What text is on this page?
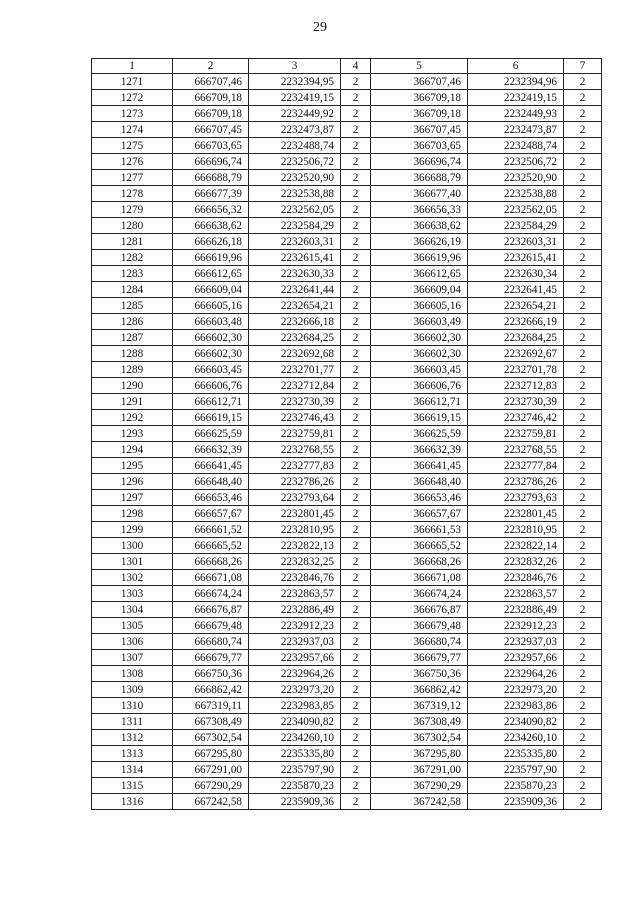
29
1	2	3	4	5	6	7
1271	666707,46	2232394,95	2	366707,46	2232394,96	2
1272	666709,18	2232419,15	2	366709,18	2232419,15	2
1273	666709,18	2232449,92	2	366709,18	2232449,93	2
1274	666707,45	2232473,87	2	366707,45	2232473,87	2
1275	666703,65	2232488,74	2	366703,65	2232488,74	2
1276	666696,74	2232506,72	2	366696,74	2232506,72	2
1277	666688,79	2232520,90	2	366688,79	2232520,90	2
1278	666677,39	2232538,88	2	366677,40	2232538,88	2
1279	666656,32	2232562,05	2	366656,33	2232562,05	2
1280	666638,62	2232584,29	2	366638,62	2232584,29	2
1281	666626,18	2232603,31	2	366626,19	2232603,31	2
1282	666619,96	2232615,41	2	366619,96	2232615,41	2
1283	666612,65	2232630,33	2	366612,65	2232630,34	2
1284	666609,04	2232641,44	2	366609,04	2232641,45	2
1285	666605,16	2232654,21	2	366605,16	2232654,21	2
1286	666603,48	2232666,18	2	366603,49	2232666,19	2
1287	666602,30	2232684,25	2	366602,30	2232684,25	2
1288	666602,30	2232692,68	2	366602,30	2232692,67	2
1289	666603,45	2232701,77	2	366603,45	2232701,78	2
1290	666606,76	2232712,84	2	366606,76	2232712,83	2
1291	666612,71	2232730,39	2	366612,71	2232730,39	2
1292	666619,15	2232746,43	2	366619,15	2232746,42	2
1293	666625,59	2232759,81	2	366625,59	2232759,81	2
1294	666632,39	2232768,55	2	366632,39	2232768,55	2
1295	666641,45	2232777,83	2	366641,45	2232777,84	2
1296	666648,40	2232786,26	2	366648,40	2232786,26	2
1297	666653,46	2232793,64	2	366653,46	2232793,63	2
1298	666657,67	2232801,45	2	366657,67	2232801,45	2
1299	666661,52	2232810,95	2	366661,53	2232810,95	2
1300	666665,52	2232822,13	2	366665,52	2232822,14	2
1301	666668,26	2232832,25	2	366668,26	2232832,26	2
1302	666671,08	2232846,76	2	366671,08	2232846,76	2
1303	666674,24	2232863,57	2	366674,24	2232863,57	2
1304	666676,87	2232886,49	2	366676,87	2232886,49	2
1305	666679,48	2232912,23	2	366679,48	2232912,23	2
1306	666680,74	2232937,03	2	366680,74	2232937,03	2
1307	666679,77	2232957,66	2	366679,77	2232957,66	2
1308	666750,36	2232964,26	2	366750,36	2232964,26	2
1309	666862,42	2232973,20	2	366862,42	2232973,20	2
1310	667319,11	2232983,85	2	367319,12	2232983,86	2
1311	667308,49	2234090,82	2	367308,49	2234090,82	2
1312	667302,54	2234260,10	2	367302,54	2234260,10	2
1313	667295,80	2235335,80	2	367295,80	2235335,80	2
1314	667291,00	2235797,90	2	367291,00	2235797,90	2
1315	667290,29	2235870,23	2	367290,29	2235870,23	2
1316	667242,58	2235909,36	2	367242,58	2235909,36	2
